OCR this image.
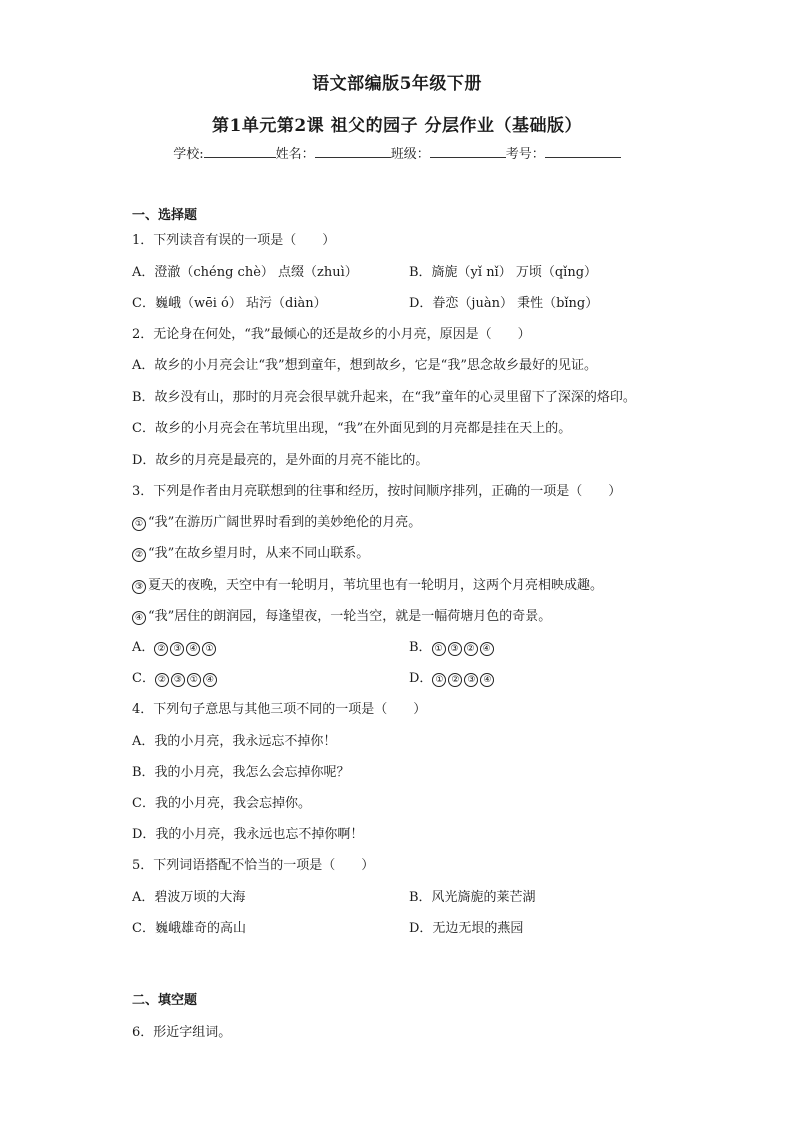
语文部编版5年级下册
第1单元第2课 祖父的园子 分层作业（基础版）
学校:	姓名：	班级：	考号：
一、选择题
1．下列读音有误的一项是（　　）
A．澄澈（chéng chè） 点缀（zhuì）	B．旖旎（yǐ nǐ） 万顷（qǐng）
C．巍峨（wēi ó） 玷污（diàn）	D．眷恋（juàn） 秉性（bǐng）
2．无论身在何处，“我”最倾心的还是故乡的小月亮，原因是（　　）
A．故乡的小月亮会让“我”想到童年，想到故乡，它是“我”思念故乡最好的见证。
B．故乡没有山，那时的月亮会很早就升起来，在“我”童年的心灵里留下了深深的烙印。
C．故乡的小月亮会在苇坑里出现，“我”在外面见到的月亮都是挂在天上的。
D．故乡的月亮是最亮的，是外面的月亮不能比的。
3．下列是作者由月亮联想到的往事和经历，按时间顺序排列，正确的一项是（　　）
① “我”在游历广阔世界时看到的美妙绝伦的月亮。
② “我”在故乡望月时，从来不同山联系。
③ 夏天的夜晚，天空中有一轮明月，苇坑里也有一轮明月，这两个月亮相映成趣。
④ “我”居住的朗润园，每逢望夜，一轮当空，就是一幅荷塘月色的奇景。
A． ② ③ ④ ①	B． ① ③ ② ④
C． ② ③ ① ④	D． ① ② ③ ④
4．下列句子意思与其他三项不同的一项是（　　）
A．我的小月亮，我永远忘不掉你！
B．我的小月亮，我怎么会忘掉你呢？
C．我的小月亮，我会忘掉你。
D．我的小月亮，我永远也忘不掉你啊！
5．下列词语搭配不恰当的一项是（　　）
A．碧波万顷的大海	B．风光旖旎的莱芒湖
C．巍峨雄奇的高山	D．无边无垠的燕园
二、填空题
6．形近字组词。
